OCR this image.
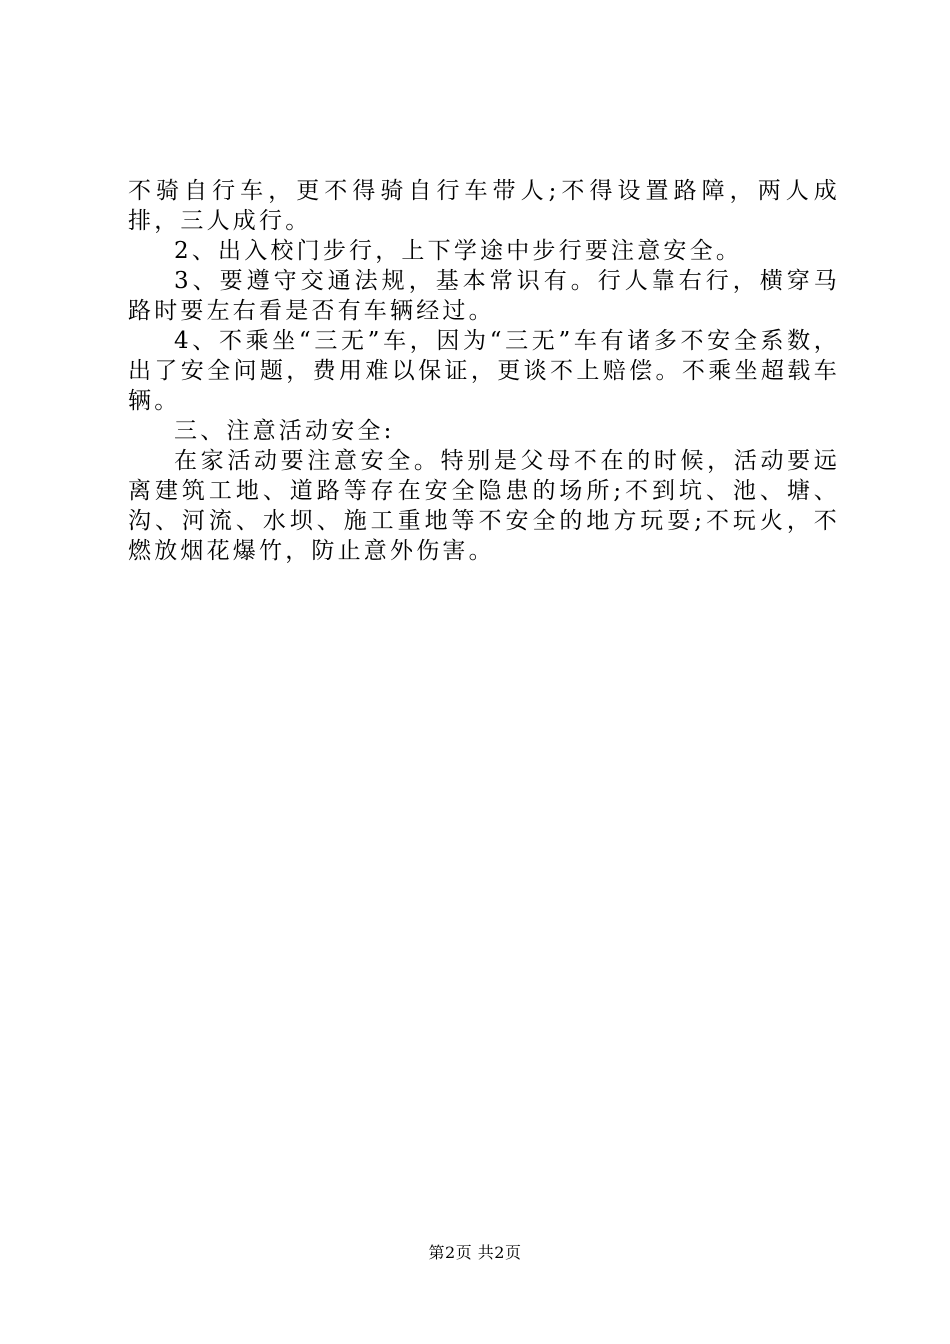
不骑自行车，更不得骑自行车带人;不得设置路障，两人成排，三人成行。

2、出入校门步行，上下学途中步行要注意安全。

3、要遵守交通法规，基本常识有。行人靠右行，横穿马路时要左右看是否有车辆经过。

4、不乘坐“三无”车，因为“三无”车有诸多不安全系数，出了安全问题，费用难以保证，更谈不上赔偿。不乘坐超载车辆。

三、注意活动安全:

在家活动要注意安全。特别是父母不在的时候，活动要远离建筑工地、道路等存在安全隐患的场所;不到坑、池、塘、沟、河流、水坝、施工重地等不安全的地方玩耍;不玩火，不燃放烟花爆竹，防止意外伤害。

第2页 共2页
